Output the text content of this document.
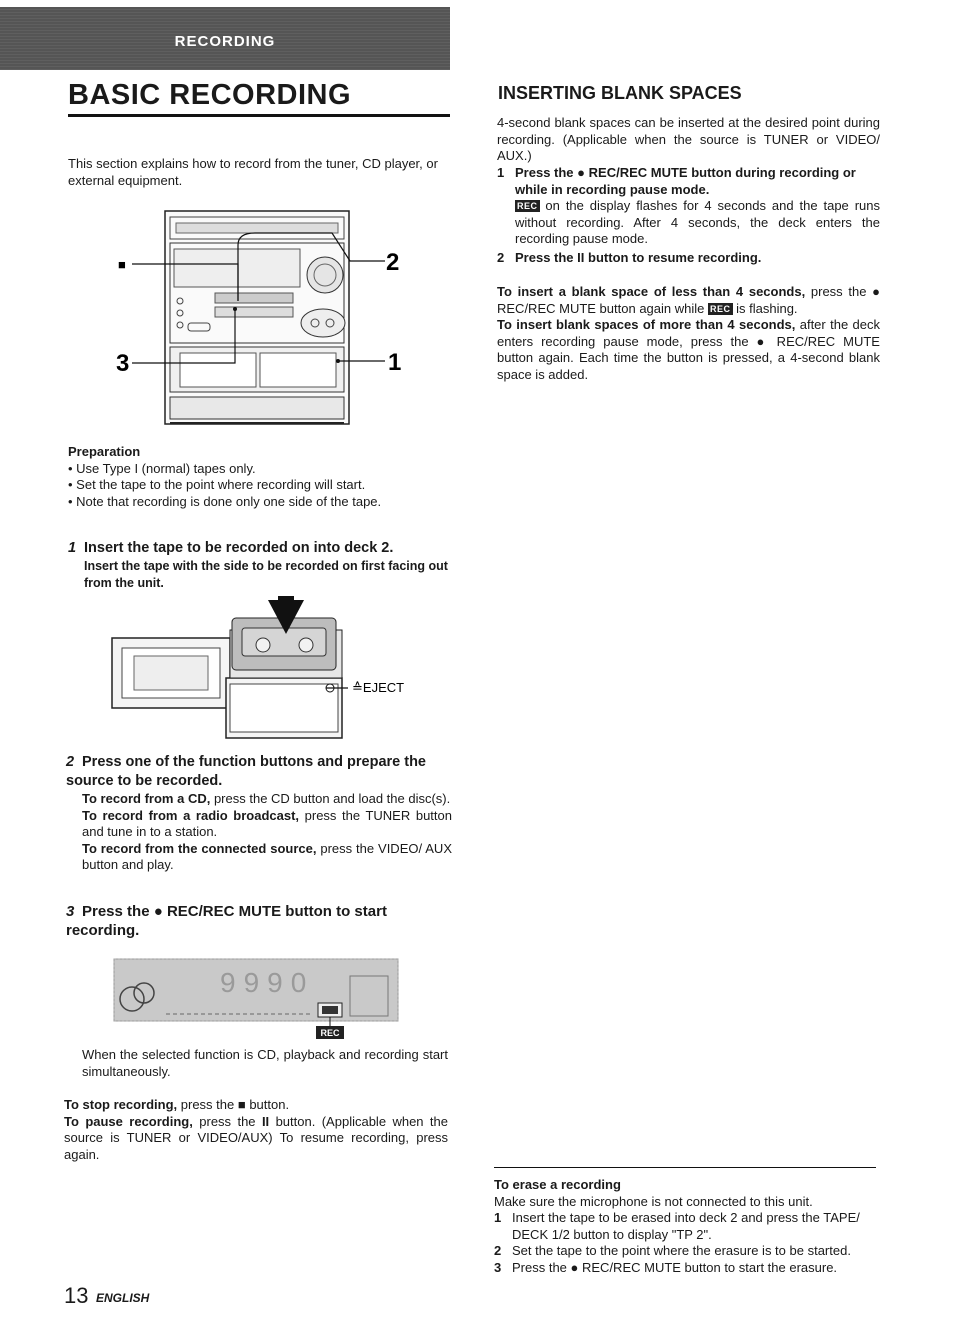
RECORDING
BASIC RECORDING

This section explains how to record from the tuner, CD player, or external equipment.

■	2
3	1

Preparation

• Use Type I (normal) tapes only.

• Set the tape to the point where recording will start.

• Note that recording is done only one side of the tape.

1 Insert the tape to be recorded on into deck 2.

Insert the tape with the side to be recorded on first facing out from the unit.

≙EJECT

2 Press one of the function buttons and prepare the source to be recorded.

To record from a CD, press the CD button and load the disc(s).

To record from a radio broadcast, press the TUNER button and tune in to a station.

To record from the connected source, press the VIDEO/ AUX button and play.

3 Press the ● REC/REC MUTE button to start recording.

9990
REC

When the selected function is CD, playback and recording start simultaneously.

To stop recording, press the ■ button.

To pause recording, press the II button. (Applicable when the source is TUNER or VIDEO/AUX) To resume recording, press again.

INSERTING BLANK SPACES

4-second blank spaces can be inserted at the desired point during recording. (Applicable when the source is TUNER or VIDEO/ AUX.)

1 Press the ● REC/REC MUTE button during recording or while in recording pause mode.

REC on the display flashes for 4 seconds and the tape runs without recording. After 4 seconds, the deck enters the recording pause mode.

2 Press the II button to resume recording.

To insert a blank space of less than 4 seconds, press the ● REC/REC MUTE button again while REC is flashing.

To insert blank spaces of more than 4 seconds, after the deck enters recording pause mode, press the ● REC/REC MUTE button again. Each time the button is pressed, a 4-second blank space is added.

To erase a recording

Make sure the microphone is not connected to this unit.

1 Insert the tape to be erased into deck 2 and press the TAPE/ DECK 1/2 button to display "TP 2".
2 Set the tape to the point where the erasure is to be started.
3 Press the ● REC/REC MUTE button to start the erasure.
13 ENGLISH
